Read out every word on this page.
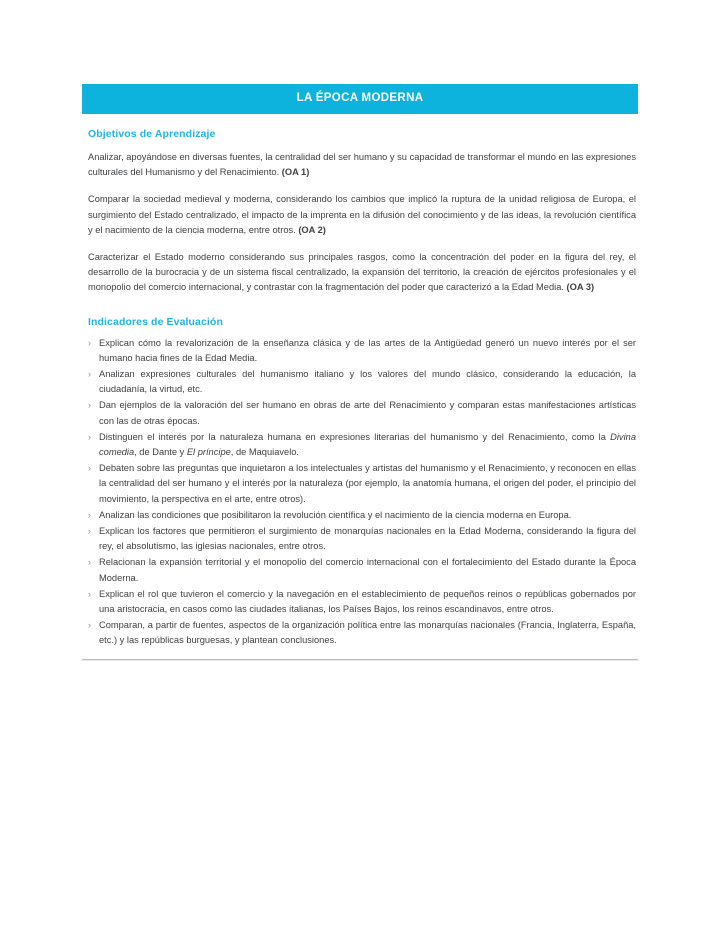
LA ÉPOCA MODERNA
Objetivos de Aprendizaje

Analizar, apoyándose en diversas fuentes, la centralidad del ser humano y su capacidad de transformar el mundo en las expresiones culturales del Humanismo y del Renacimiento. (OA 1)

Comparar la sociedad medieval y moderna, considerando los cambios que implicó la ruptura de la unidad religiosa de Europa, el surgimiento del Estado centralizado, el impacto de la imprenta en la difusión del conocimiento y de las ideas, la revolución científica y el nacimiento de la ciencia moderna, entre otros. (OA 2)

Caracterizar el Estado moderno considerando sus principales rasgos, como la concentración del poder en la figura del rey, el desarrollo de la burocracia y de un sistema fiscal centralizado, la expansión del territorio, la creación de ejércitos profesionales y el monopolio del comercio internacional, y contrastar con la fragmentación del poder que caracterizó a la Edad Media. (OA 3)

Indicadores de Evaluación
› Explican cómo la revalorización de la enseñanza clásica y de las artes de la Antigüedad generó un nuevo interés por el ser humano hacia fines de la Edad Media.
› Analizan expresiones culturales del humanismo italiano y los valores del mundo clásico, considerando la educación, la ciudadanía, la virtud, etc.
› Dan ejemplos de la valoración del ser humano en obras de arte del Renacimiento y comparan estas manifestaciones artísticas con las de otras épocas.
› Distinguen el interés por la naturaleza humana en expresiones literarias del humanismo y del Renacimiento, como la Divina comedia, de Dante y El príncipe, de Maquiavelo.
› Debaten sobre las preguntas que inquietaron a los intelectuales y artistas del humanismo y el Renacimiento, y reconocen en ellas la centralidad del ser humano y el interés por la naturaleza (por ejemplo, la anatomía humana, el origen del poder, el principio del movimiento, la perspectiva en el arte, entre otros).
› Analizan las condiciones que posibilitaron la revolución científica y el nacimiento de la ciencia moderna en Europa.
› Explican los factores que permitieron el surgimiento de monarquías nacionales en la Edad Moderna, considerando la figura del rey, el absolutismo, las iglesias nacionales, entre otros.
› Relacionan la expansión territorial y el monopolio del comercio internacional con el fortalecimiento del Estado durante la Época Moderna.
› Explican el rol que tuvieron el comercio y la navegación en el establecimiento de pequeños reinos o repúblicas gobernados por una aristocracia, en casos como las ciudades italianas, los Países Bajos, los reinos escandinavos, entre otros.
› Comparan, a partir de fuentes, aspectos de la organización política entre las monarquías nacionales (Francia, Inglaterra, España, etc.) y las repúblicas burguesas, y plantean conclusiones.
